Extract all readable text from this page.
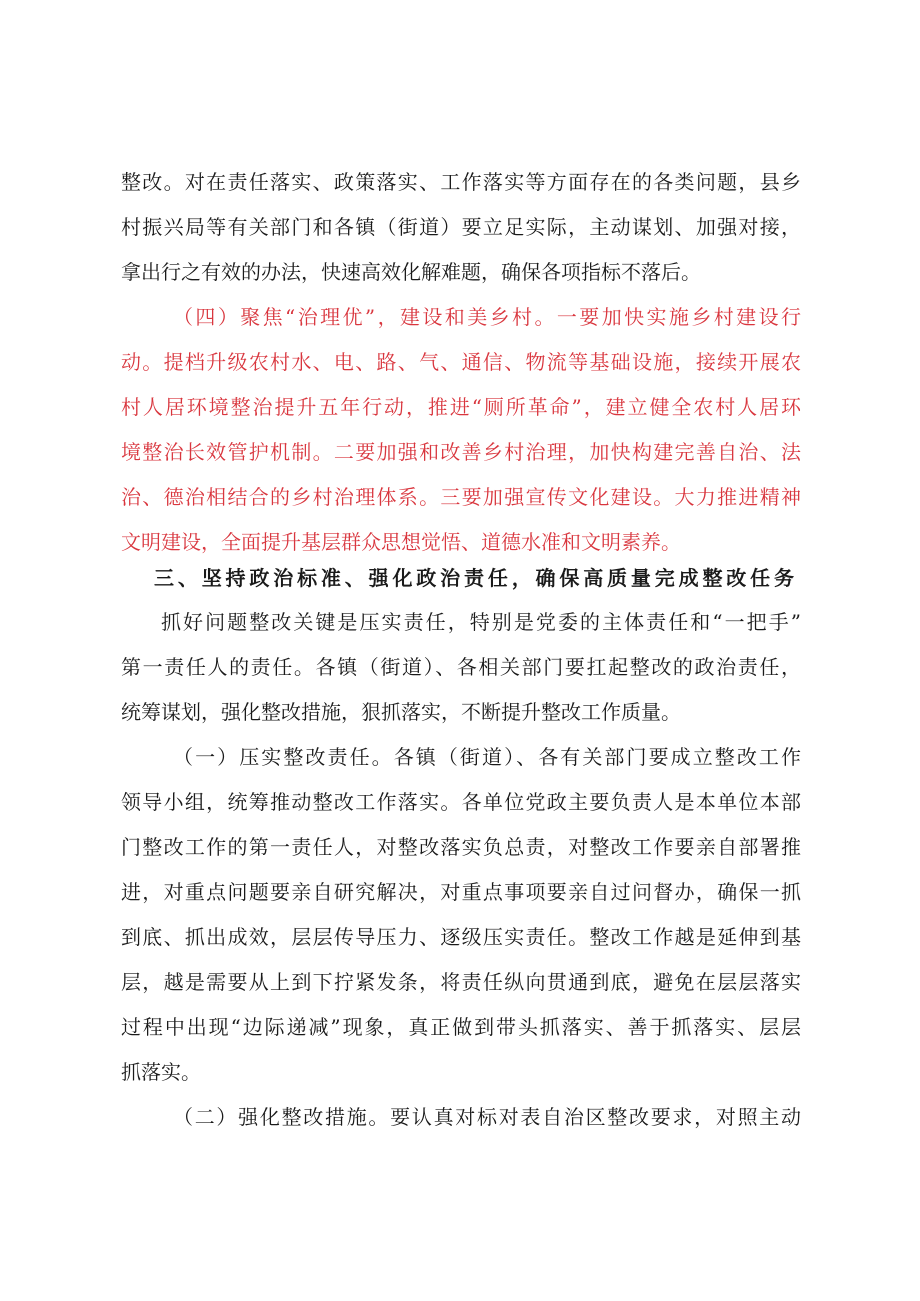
整改。对在责任落实、政策落实、工作落实等方面存在的各类问题，县乡
村振兴局等有关部门和各镇（街道）要立足实际，主动谋划、加强对接，
拿出行之有效的办法，快速高效化解难题，确保各项指标不落后。
（四）聚焦“治理优”，建设和美乡村。一要加快实施乡村建设行
动。提档升级农村水、电、路、气、通信、物流等基础设施，接续开展农
村人居环境整治提升五年行动，推进“厕所革命”，建立健全农村人居环
境整治长效管护机制。二要加强和改善乡村治理，加快构建完善自治、法
治、德治相结合的乡村治理体系。三要加强宣传文化建设。大力推进精神
文明建设，全面提升基层群众思想觉悟、道德水准和文明素养。
三、坚持政治标准、强化政治责任，确保高质量完成整改任务
抓好问题整改关键是压实责任，特别是党委的主体责任和“一把手”
第一责任人的责任。各镇（街道）、各相关部门要扛起整改的政治责任，
统筹谋划，强化整改措施，狠抓落实，不断提升整改工作质量。
（一）压实整改责任。各镇（街道）、各有关部门要成立整改工作
领导小组，统筹推动整改工作落实。各单位党政主要负责人是本单位本部
门整改工作的第一责任人，对整改落实负总责，对整改工作要亲自部署推
进，对重点问题要亲自研究解决，对重点事项要亲自过问督办，确保一抓
到底、抓出成效，层层传导压力、逐级压实责任。整改工作越是延伸到基
层，越是需要从上到下拧紧发条，将责任纵向贯通到底，避免在层层落实
过程中出现“边际递减”现象，真正做到带头抓落实、善于抓落实、层层
抓落实。
（二）强化整改措施。要认真对标对表自治区整改要求，对照主动
